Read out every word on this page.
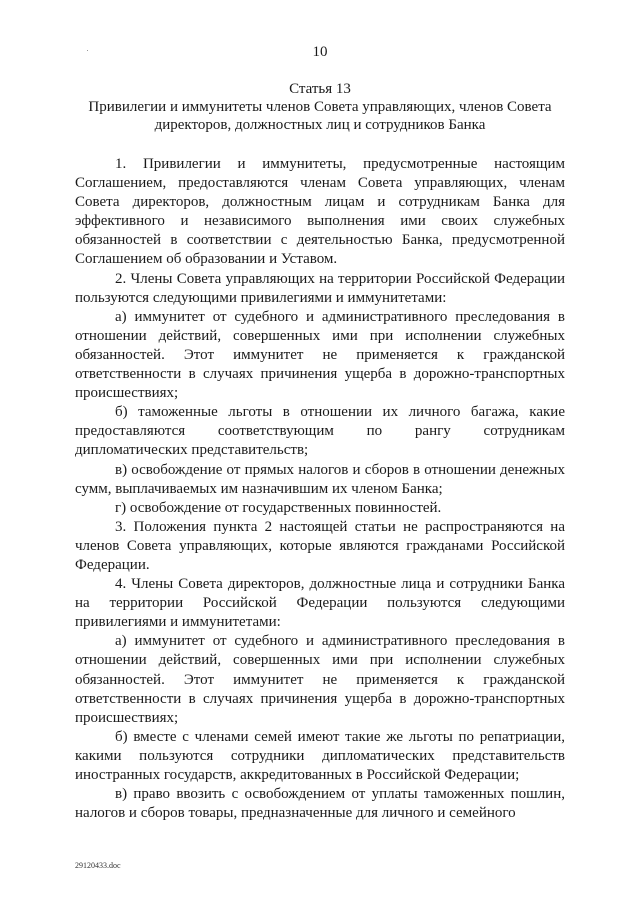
10
Статья 13
Привилегии и иммунитеты членов Совета управляющих, членов Совета директоров, должностных лиц и сотрудников Банка

1. Привилегии и иммунитеты, предусмотренные настоящим Соглашением, предоставляются членам Совета управляющих, членам Совета директоров, должностным лицам и сотрудникам Банка для эффективного и независимого выполнения ими своих служебных обязанностей в соответствии с деятельностью Банка, предусмотренной Соглашением об образовании и Уставом.

2. Члены Совета управляющих на территории Российской Федерации пользуются следующими привилегиями и иммунитетами:

а) иммунитет от судебного и административного преследования в отношении действий, совершенных ими при исполнении служебных обязанностей. Этот иммунитет не применяется к гражданской ответственности в случаях причинения ущерба в дорожно-транспортных происшествиях;

б) таможенные льготы в отношении их личного багажа, какие предоставляются соответствующим по рангу сотрудникам дипломатических представительств;

в) освобождение от прямых налогов и сборов в отношении денежных сумм, выплачиваемых им назначившим их членом Банка;

г) освобождение от государственных повинностей.

3. Положения пункта 2 настоящей статьи не распространяются на членов Совета управляющих, которые являются гражданами Российской Федерации.

4. Члены Совета директоров, должностные лица и сотрудники Банка на территории Российской Федерации пользуются следующими привилегиями и иммунитетами:

а) иммунитет от судебного и административного преследования в отношении действий, совершенных ими при исполнении служебных обязанностей. Этот иммунитет не применяется к гражданской ответственности в случаях причинения ущерба в дорожно-транспортных происшествиях;

б) вместе с членами семей имеют такие же льготы по репатриации, какими пользуются сотрудники дипломатических представительств иностранных государств, аккредитованных в Российской Федерации;

в) право ввозить с освобождением от уплаты таможенных пошлин, налогов и сборов товары, предназначенные для личного и семейного

29120433.doc
